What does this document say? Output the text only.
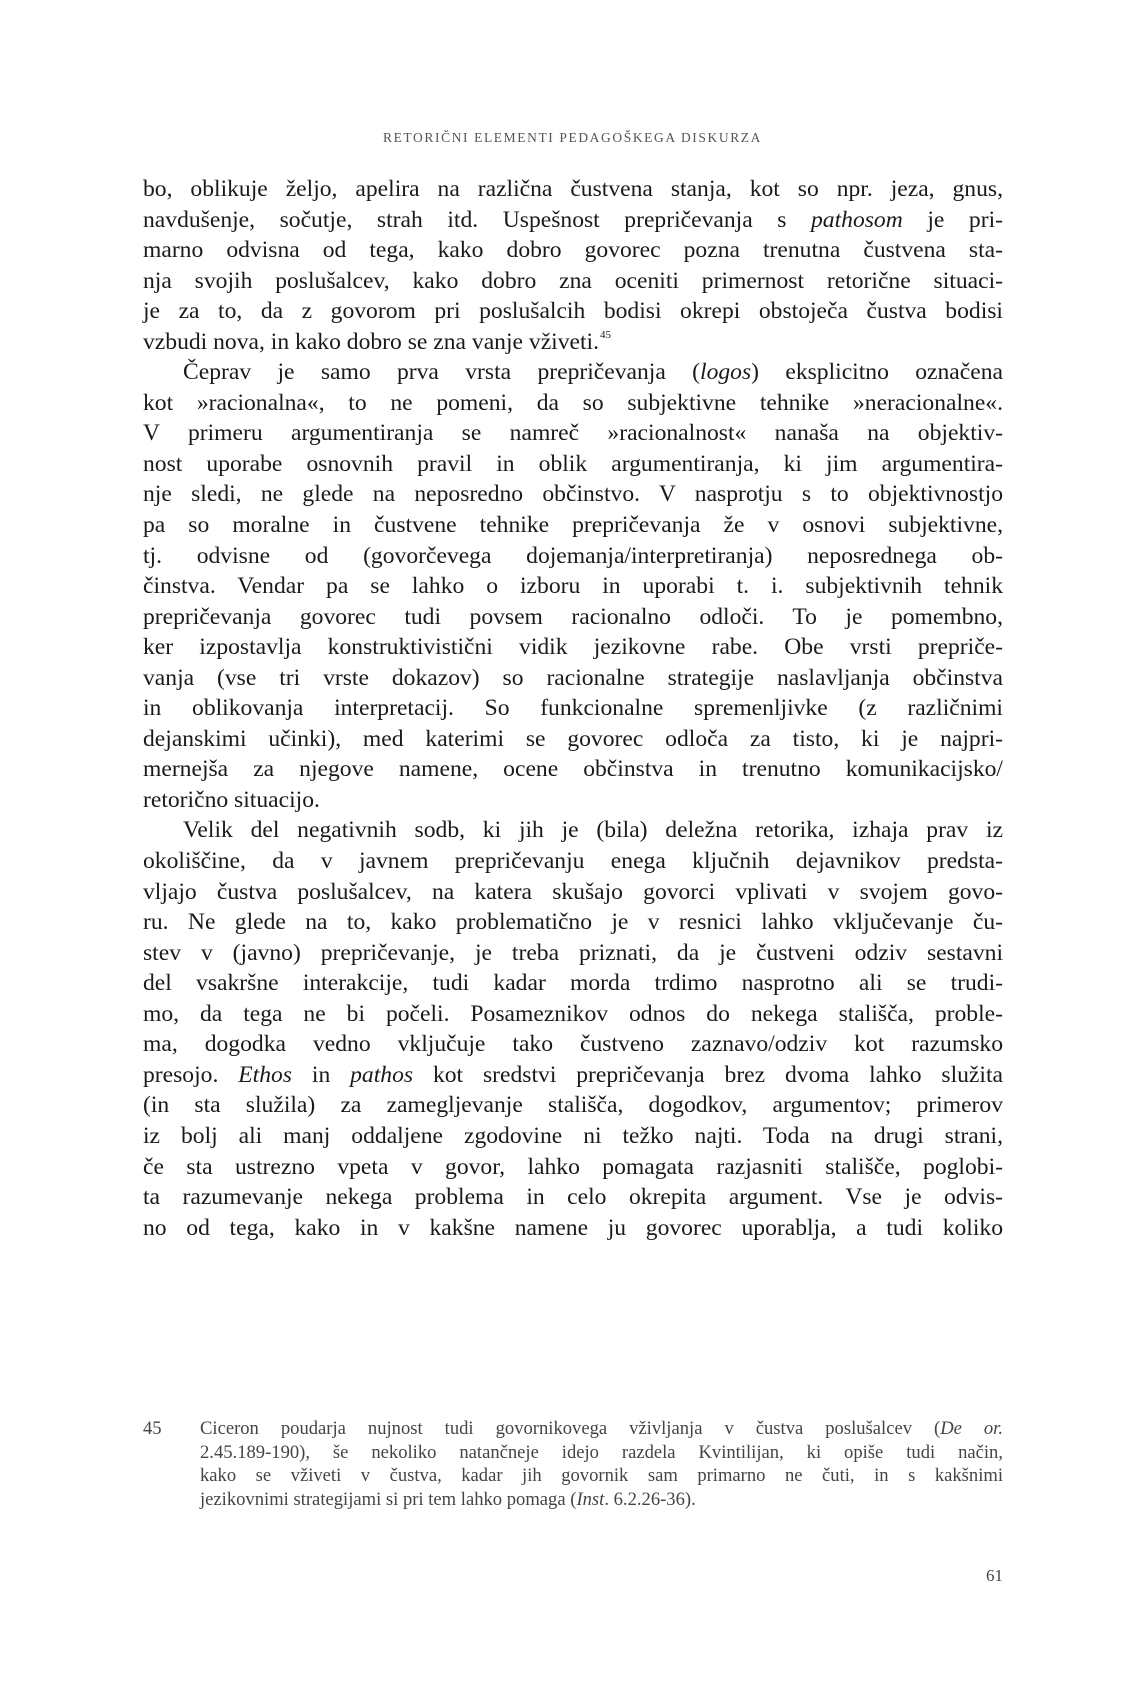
RETORIČNI ELEMENTI PEDAGOŠKEGA DISKURZA
bo, oblikuje željo, apelira na različna čustvena stanja, kot so npr. jeza, gnus,
navdušenje, sočutje, strah itd. Uspešnost prepričevanja s pathosom je pri-
marno odvisna od tega, kako dobro govorec pozna trenutna čustvena sta-
nja svojih poslušalcev, kako dobro zna oceniti primernost retorične situaci-
je za to, da z govorom pri poslušalcih bodisi okrepi obstoječa čustva bodisi
vzbudi nova, in kako dobro se zna vanje vživeti.$^{45}$
Čeprav je samo prva vrsta prepričevanja (logos) eksplicitno označena
kot »racionalna«, to ne pomeni, da so subjektivne tehnike »neracionalne«.
V primeru argumentiranja se namreč »racionalnost« nanaša na objektiv-
nost uporabe osnovnih pravil in oblik argumentiranja, ki jim argumentira-
nje sledi, ne glede na neposredno občinstvo. V nasprotju s to objektivnostjo
pa so moralne in čustvene tehnike prepričevanja že v osnovi subjektivne,
tj. odvisne od (govorčevega dojemanja/interpretiranja) neposrednega ob-
činstva. Vendar pa se lahko o izboru in uporabi t. i. subjektivnih tehnik
prepričevanja govorec tudi povsem racionalno odloči. To je pomembno,
ker izpostavlja konstruktivistični vidik jezikovne rabe. Obe vrsti prepriče-
vanja (vse tri vrste dokazov) so racionalne strategije naslavljanja občinstva
in oblikovanja interpretacij. So funkcionalne spremenljivke (z različnimi
dejanskimi učinki), med katerimi se govorec odloča za tisto, ki je najpri-
mernejša za njegove namene, ocene občinstva in trenutno komunikacijsko/
retorično situacijo.
Velik del negativnih sodb, ki jih je (bila) deležna retorika, izhaja prav iz
okoliščine, da v javnem prepričevanju enega ključnih dejavnikov predsta-
vljajo čustva poslušalcev, na katera skušajo govorci vplivati v svojem govo-
ru. Ne glede na to, kako problematično je v resnici lahko vključevanje ču-
stev v (javno) prepričevanje, je treba priznati, da je čustveni odziv sestavni
del vsakršne interakcije, tudi kadar morda trdimo nasprotno ali se trudi-
mo, da tega ne bi počeli. Posameznikov odnos do nekega stališča, proble-
ma, dogodka vedno vključuje tako čustveno zaznavo/odziv kot razumsko
presojo. Ethos in pathos kot sredstvi prepričevanja brez dvoma lahko služita
(in sta služila) za zamegljevanje stališča, dogodkov, argumentov; primerov
iz bolj ali manj oddaljene zgodovine ni težko najti. Toda na drugi strani,
če sta ustrezno vpeta v govor, lahko pomagata razjasniti stališče, poglobi-
ta razumevanje nekega problema in celo okrepita argument. Vse je odvis-
no od tega, kako in v kakšne namene ju govorec uporablja, a tudi koliko
45	Ciceron poudarja nujnost tudi govornikovega vživljanja v čustva poslušalcev (De or.
2.45.189-190), še nekoliko natančneje idejo razdela Kvintilijan, ki opiše tudi način,
kako se vživeti v čustva, kadar jih govornik sam primarno ne čuti, in s kakšnimi
jezikovnimi strategijami si pri tem lahko pomaga (Inst. 6.2.26-36).
61
